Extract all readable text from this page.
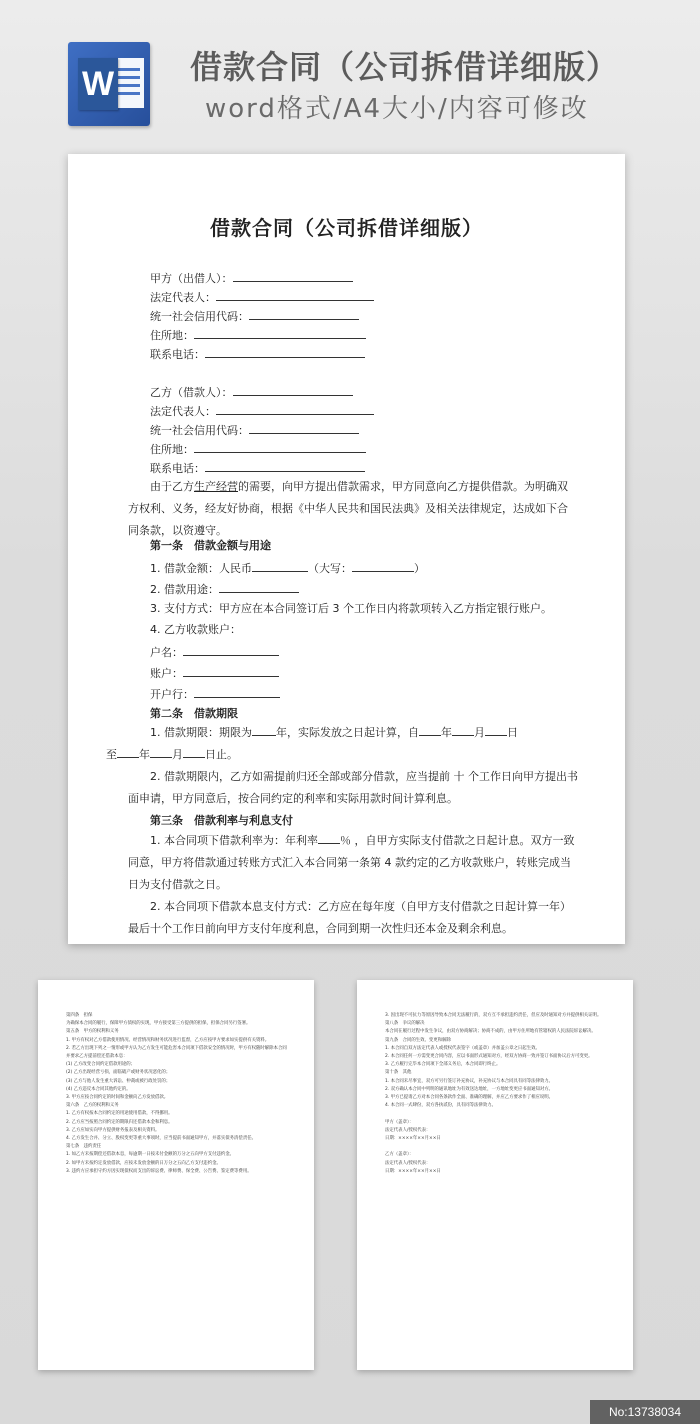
W 借款合同（公司拆借详细版）
word格式/A4大小/内容可修改
借款合同（公司拆借详细版）
甲方（出借人）：
法定代表人：
统一社会信用代码：
住所地：
联系电话：
乙方（借款人）：
法定代表人：
统一社会信用代码：
住所地：
联系电话：

由于乙方生产经营的需要，向甲方提出借款需求，甲方同意向乙方提供借款。为明确双方权利、义务，经友好协商，根据《中华人民共和国民法典》及相关法律规定，达成如下合同条款，以资遵守。

第一条　借款金额与用途
1. 借款金额：人民币	（大写：	）
2. 借款用途：
3. 支付方式：甲方应在本合同签订后 3 个工作日内将款项转入乙方指定银行账户。
4. 乙方收款账户：
户名：
账户：
开户行：
第二条　借款期限

1. 借款期限：期限为 年，实际发放之日起计算，自 年 月 日
至 年 月 日止。

2. 借款期限内，乙方如需提前归还全部或部分借款，应当提前 十 个工作日向甲方提出书面申请，甲方同意后，按合同约定的利率和实际用款时间计算利息。

第三条　借款利率与利息支付

1. 本合同项下借款利率为：年利率 ％ ，自甲方实际支付借款之日起计息。双方一致同意，甲方将借款通过转账方式汇入本合同第一条第 4 款约定的乙方收款账户，转账完成当日为支付借款之日。

2. 本合同项下借款本息支付方式：乙方应在每年度（自甲方支付借款之日起计算一年）最后十个工作日前向甲方支付年度利息，合同到期一次性归还本金及剩余利息。

第四条　担保

为确保本合同的履行，保障甲方债权的实现，甲方接受第三方提供的担保，担保合同另行签署。

第五条　甲方的权利和义务

1. 甲方有权对乙方借款使用情况、经营情况和财务状况进行监督，乙方应按甲方要求如实提供有关资料。

2. 若乙方出现下列之一情形或甲方认为乙方发生可能危害本合同项下借款安全的情况时，甲方有权随时解除本合同并要求乙方提前偿还借款本息：

(1) 乙方改变合同约定借款用途的；

(2) 乙方出现经营亏损，面临破产或财务状况恶化的；

(3) 乙方与他人发生重大诉讼、仲裁或被行政处罚的；

(4) 乙方违反本合同其他约定的。

3. 甲方应按合同约定的时间和金额向乙方发放借款。

第六条　乙方的权利和义务

1. 乙方有权按本合同约定的用途使用借款，不得挪用。

2. 乙方应当按照合同约定的期限归还借款本金和利息。

3. 乙方应如实向甲方提供财务报表及相关资料。

4. 乙方发生合并、分立、股权变更等重大事项时，应当提前书面通知甲方，并落实债务清偿责任。

第七条　违约责任

1. 如乙方未按期偿还借款本息，每逾期一日按未付金额的万分之五向甲方支付违约金。

2. 如甲方未按约定发放借款，应按未发放金额的日万分之五向乙方支付违约金。

3. 违约方应承担守约方因实现债权而支出的诉讼费、律师费、保全费、公告费、鉴定费等费用。

3. 因出现不可抗力等原因导致本合同无法履行的，双方互不承担违约责任，但应及时通知对方并提供相关证明。

第八条　争议的解决

本合同在履行过程中发生争议，由双方协商解决；协商不成的，由甲方住所地有管辖权的人民法院诉讼解决。

第九条　合同的生效、变更和解除

1. 本合同自双方法定代表人或授权代表签字（或盖章）并加盖公章之日起生效。

2. 本合同任何一方需变更合同内容，应以书面形式通知对方，经双方协商一致并签订书面协议后方可变更。

3. 乙方履行完毕本合同项下全部义务后，本合同即行终止。

第十条　其他

1. 本合同未尽事宜，双方可另行签订补充协议，补充协议与本合同具有同等法律效力。

2. 双方确认本合同中列明的通讯地址为有效送达地址，一方地址变更应书面通知对方。

3. 甲方已提请乙方对本合同各条款作全面、准确的理解，并应乙方要求作了相应说明。

4. 本合同一式肆份，双方各执贰份，具有同等法律效力。

甲方（盖章）：

法定代表人/授权代表：

日期：××××年××月××日

乙方（盖章）：

法定代表人/授权代表：

日期：××××年××月××日

No:13738034
